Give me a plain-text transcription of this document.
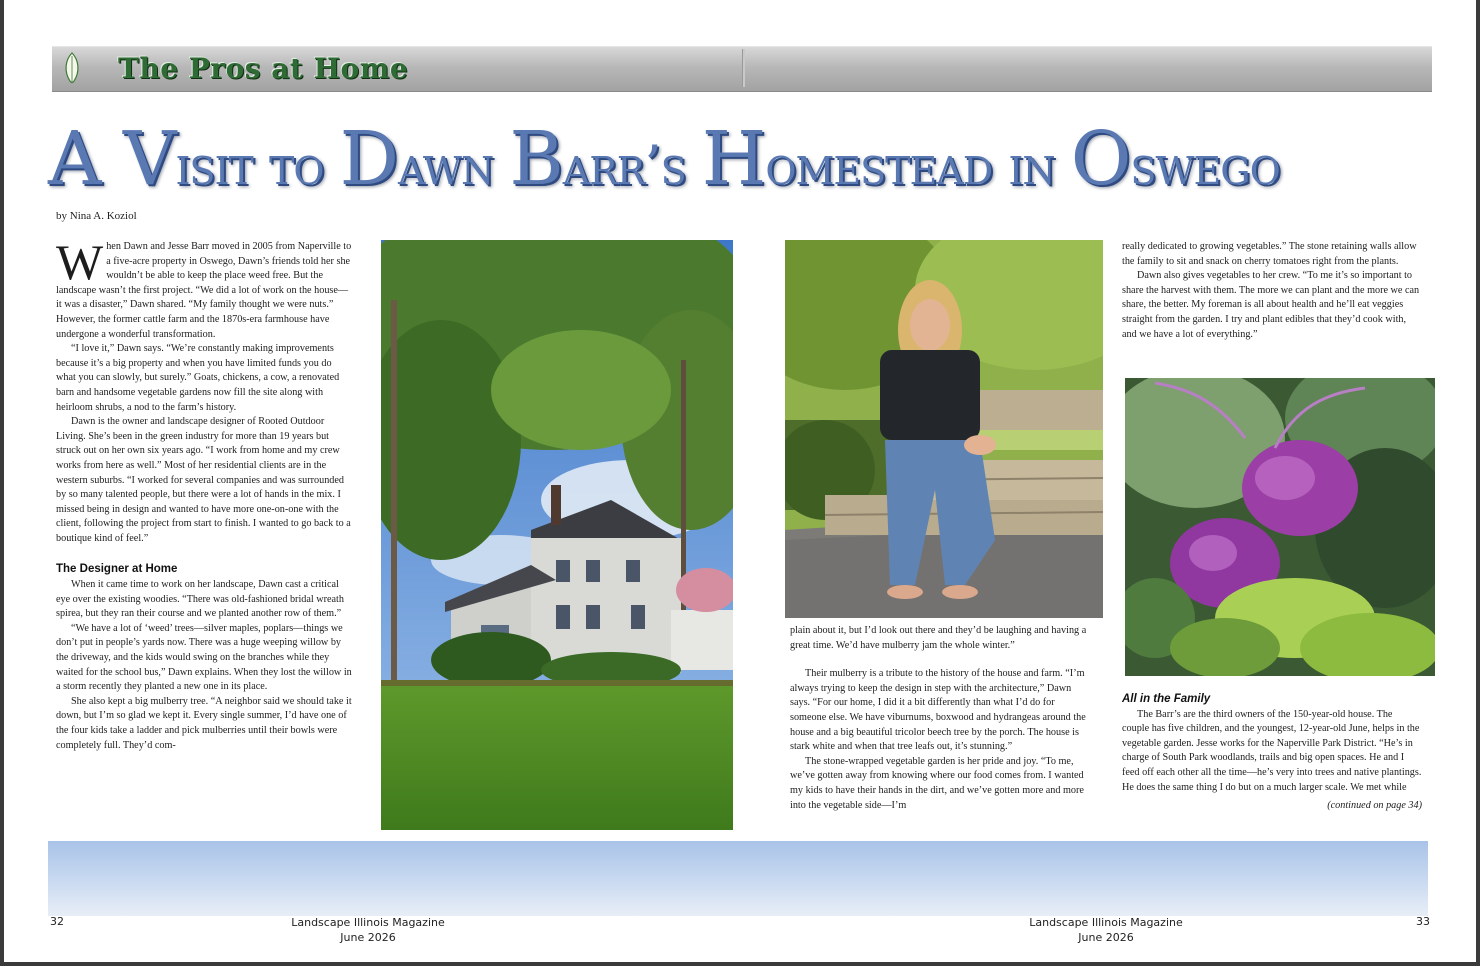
The Pros at Home
A Visit to Dawn Barr’s Homestead in Oswego
by Nina A. Koziol

When Dawn and Jesse Barr moved in 2005 from Naperville to a five-acre property in Oswego, Dawn’s friends told her she wouldn’t be able to keep the place weed free. But the landscape wasn’t the first project. “We did a lot of work on the house—it was a disaster,” Dawn shared. “My family thought we were nuts.” However, the former cattle farm and the 1870s-era farmhouse have undergone a wonderful transformation.

“I love it,” Dawn says. “We’re constantly making improvements because it’s a big property and when you have limited funds you do what you can slowly, but surely.” Goats, chickens, a cow, a renovated barn and handsome vegetable gardens now fill the site along with heirloom shrubs, a nod to the farm’s history.

Dawn is the owner and landscape designer of Rooted Outdoor Living. She’s been in the green industry for more than 19 years but struck out on her own six years ago. “I work from home and my crew works from here as well.” Most of her residential clients are in the western suburbs. “I worked for several companies and was surrounded by so many talented people, but there were a lot of hands in the mix. I missed being in design and wanted to have more one-on-one with the client, following the project from start to finish. I wanted to go back to a boutique kind of feel.”

The Designer at Home

When it came time to work on her landscape, Dawn cast a critical eye over the existing woodies. “There was old-fashioned bridal wreath spirea, but they ran their course and we planted another row of them.”

“We have a lot of ‘weed’ trees—silver maples, poplars—things we don’t put in people’s yards now. There was a huge weeping willow by the driveway, and the kids would swing on the branches while they waited for the school bus,” Dawn explains. When they lost the willow in a storm recently they planted a new one in its place.

She also kept a big mulberry tree. “A neighbor said we should take it down, but I’m so glad we kept it. Every single summer, I’d have one of the four kids take a ladder and pick mulberries until their bowls were completely full. They’d com-

plain about it, but I’d look out there and they’d be laughing and having a great time. We’d have mulberry jam the whole winter.”

Their mulberry is a tribute to the history of the house and farm. “I’m always trying to keep the design in step with the architecture,” Dawn says. “For our home, I did it a bit differently than what I’d do for someone else. We have viburnums, boxwood and hydrangeas around the house and a big beautiful tricolor beech tree by the porch. The house is stark white and when that tree leafs out, it’s stunning.”

The stone-wrapped vegetable garden is her pride and joy. “To me, we’ve gotten away from knowing where our food comes from. I wanted my kids to have their hands in the dirt, and we’ve gotten more and more into the vegetable side—I’m

really dedicated to growing vegetables.” The stone retaining walls allow the family to sit and snack on cherry tomatoes right from the plants.

Dawn also gives vegetables to her crew. “To me it’s so important to share the harvest with them. The more we can plant and the more we can share, the better. My foreman is all about health and he’ll eat veggies straight from the garden. I try and plant edibles that they’d cook with, and we have a lot of everything.”

All in the Family

The Barr’s are the third owners of the 150-year-old house. The couple has five children, and the youngest, 12-year-old June, helps in the vegetable garden. Jesse works for the Naperville Park District. “He’s in charge of South Park woodlands, trails and big open spaces. He and I feed off each other all the time—he’s very into trees and native plantings. He does the same thing I do but on a much larger scale. We met while

(continued on page 34)
32	Landscape Illinois Magazine
June 2026
Landscape Illinois Magazine
June 2026
33
